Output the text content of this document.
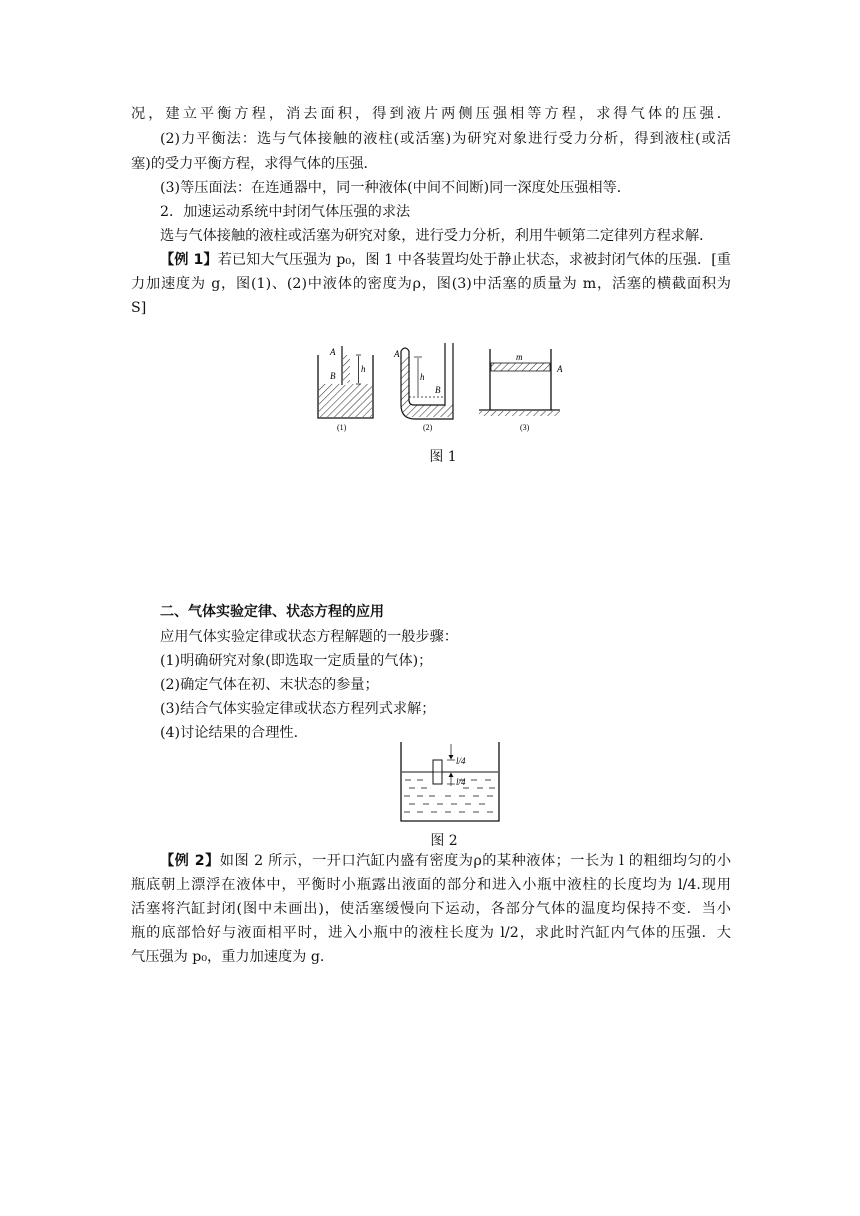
况，建立平衡方程，消去面积，得到液片两侧压强相等方程，求得气体的压强．
(2)力平衡法：选与气体接触的液柱(或活塞)为研究对象进行受力分析，得到液柱(或活
塞)的受力平衡方程，求得气体的压强．
(3)等压面法：在连通器中，同一种液体(中间不间断)同一深度处压强相等．
2．加速运动系统中封闭气体压强的求法
选与气体接触的液柱或活塞为研究对象，进行受力分析，利用牛顿第二定律列方程求解．
【例 1】若已知大气压强为 p₀，图 1 中各装置均处于静止状态，求被封闭气体的压强．[重
力加速度为 g，图(1)、(2)中液体的密度为ρ，图(3)中活塞的质量为 m，活塞的横截面积为
S]
A
h
B
(1)
A
h
B
(2)
m
A
(3)
图 1
二、气体实验定律、状态方程的应用
应用气体实验定律或状态方程解题的一般步骤：
(1)明确研究对象(即选取一定质量的气体)；
(2)确定气体在初、末状态的参量；
(3)结合气体实验定律或状态方程列式求解；
(4)讨论结果的合理性．
l/4
l/4
图 2
【例 2】如图 2 所示，一开口汽缸内盛有密度为ρ的某种液体；一长为 l 的粗细均匀的小
瓶底朝上漂浮在液体中，平衡时小瓶露出液面的部分和进入小瓶中液柱的长度均为 l/4.现用
活塞将汽缸封闭(图中未画出)，使活塞缓慢向下运动，各部分气体的温度均保持不变．当小
瓶的底部恰好与液面相平时，进入小瓶中的液柱长度为 l/2，求此时汽缸内气体的压强．大
气压强为 p₀，重力加速度为 g.
